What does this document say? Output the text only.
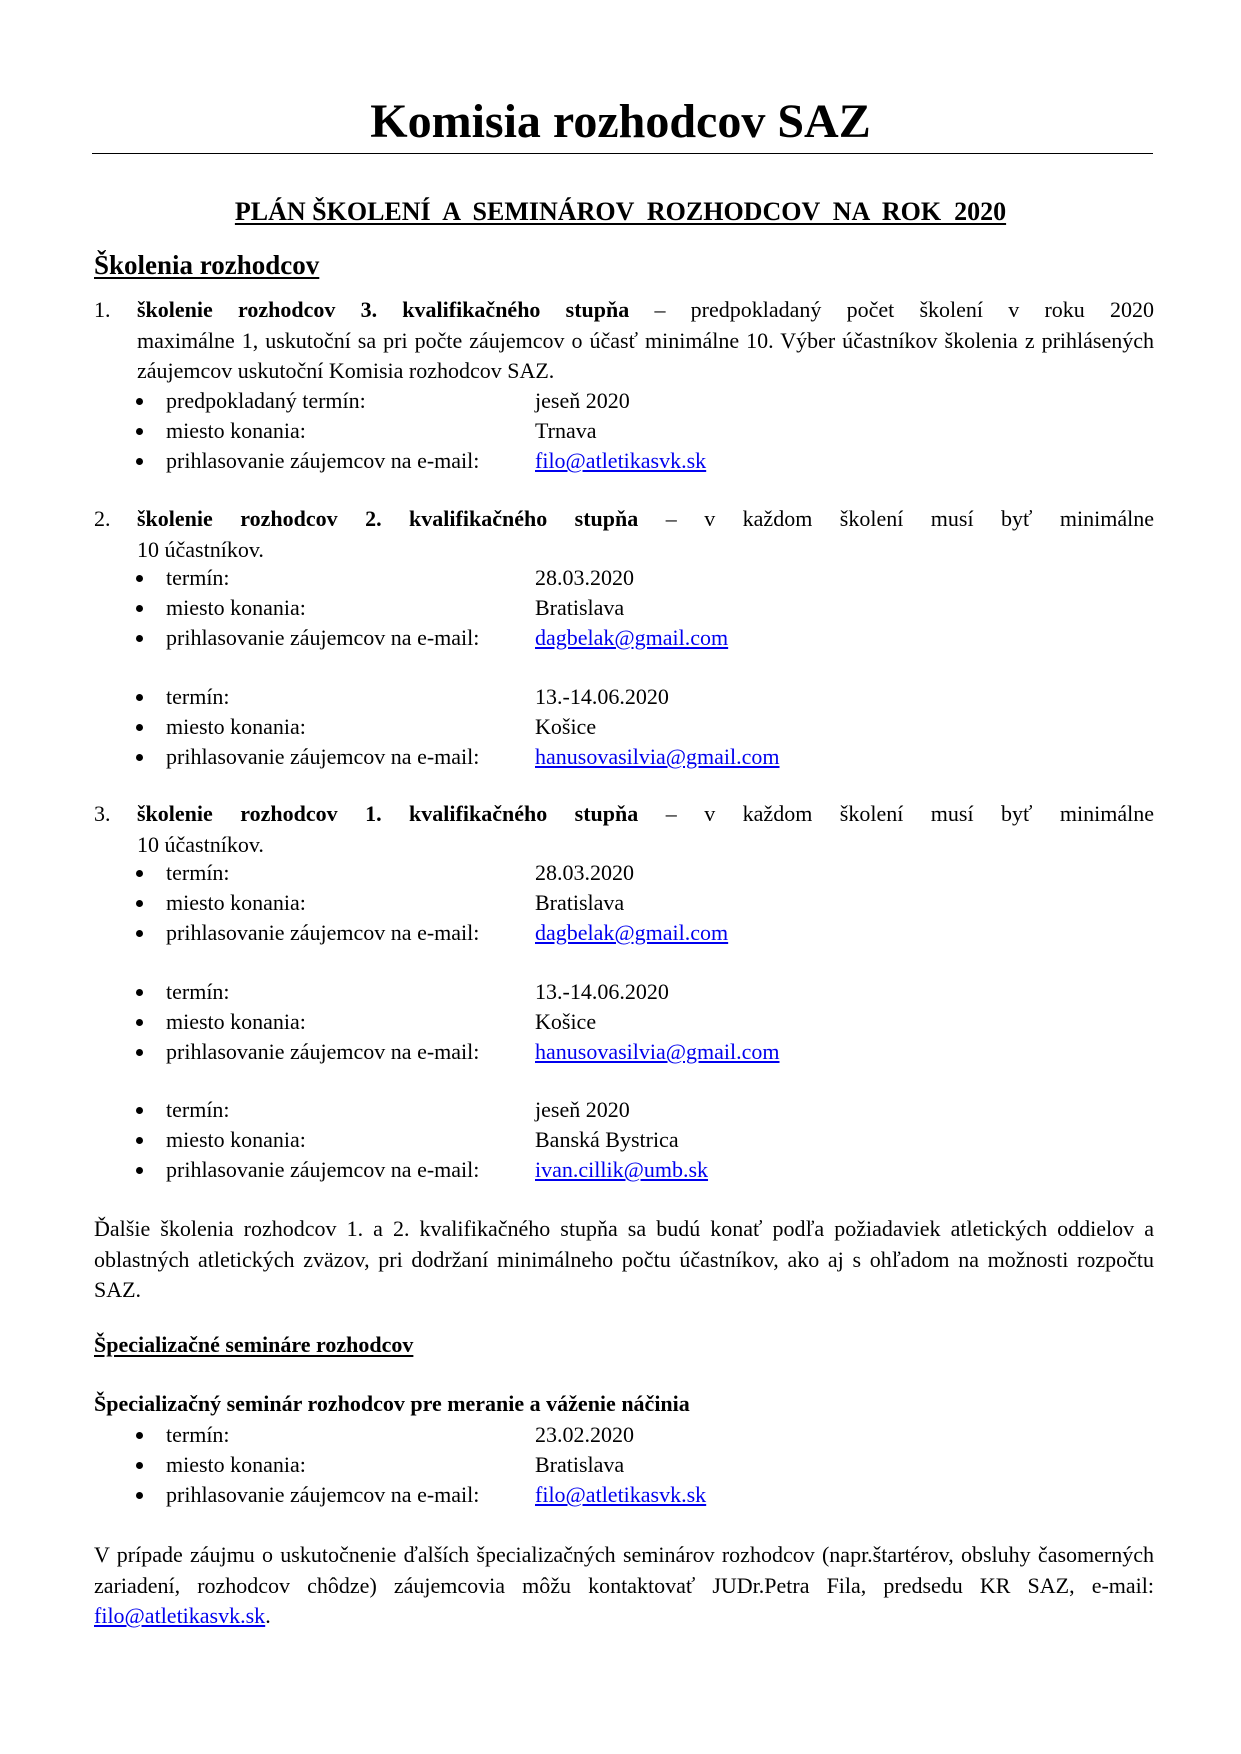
Komisia rozhodcov SAZ
PLÁN ŠKOLENÍ  A  SEMINÁROV  ROZHODCOV  NA  ROK  2020
Školenia rozhodcov
1. školenie rozhodcov 3. kvalifikačného stupňa – predpokladaný počet školení v roku 2020
maximálne 1, uskutoční sa pri počte záujemcov o účasť minimálne 10. Výber účastníkov školenia z prihlásených záujemcov uskutoční Komisia rozhodcov SAZ.
predpokladaný termín:	jeseň 2020
miesto konania:	Trnava
prihlasovanie záujemcov na e-mail:	filo@atletikasvk.sk
2. školenie rozhodcov 2. kvalifikačného stupňa – v každom školení musí byť minimálne
10 účastníkov.
termín:	28.03.2020
miesto konania:	Bratislava
prihlasovanie záujemcov na e-mail:	dagbelak@gmail.com
termín:	13.-14.06.2020
miesto konania:	Košice
prihlasovanie záujemcov na e-mail:	hanusovasilvia@gmail.com
3. školenie rozhodcov 1. kvalifikačného stupňa – v každom školení musí byť minimálne
10 účastníkov.
termín:	28.03.2020
miesto konania:	Bratislava
prihlasovanie záujemcov na e-mail:	dagbelak@gmail.com
termín:	13.-14.06.2020
miesto konania:	Košice
prihlasovanie záujemcov na e-mail:	hanusovasilvia@gmail.com
termín:	jeseň 2020
miesto konania:	Banská Bystrica
prihlasovanie záujemcov na e-mail:	ivan.cillik@umb.sk
Ďalšie školenia rozhodcov 1. a 2. kvalifikačného stupňa sa budú konať podľa požiadaviek atletických oddielov a oblastných atletických zväzov, pri dodržaní minimálneho počtu účastníkov, ako aj s ohľadom na možnosti rozpočtu SAZ.
Špecializačné semináre rozhodcov
Špecializačný seminár rozhodcov pre meranie a váženie náčinia
termín:	23.02.2020
miesto konania:	Bratislava
prihlasovanie záujemcov na e-mail:	filo@atletikasvk.sk
V prípade záujmu o uskutočnenie ďalších špecializačných seminárov rozhodcov (napr.štartérov, obsluhy časomerných zariadení, rozhodcov chôdze) záujemcovia môžu kontaktovať JUDr.Petra Fila, predsedu KR SAZ, e-mail: filo@atletikasvk.sk.
